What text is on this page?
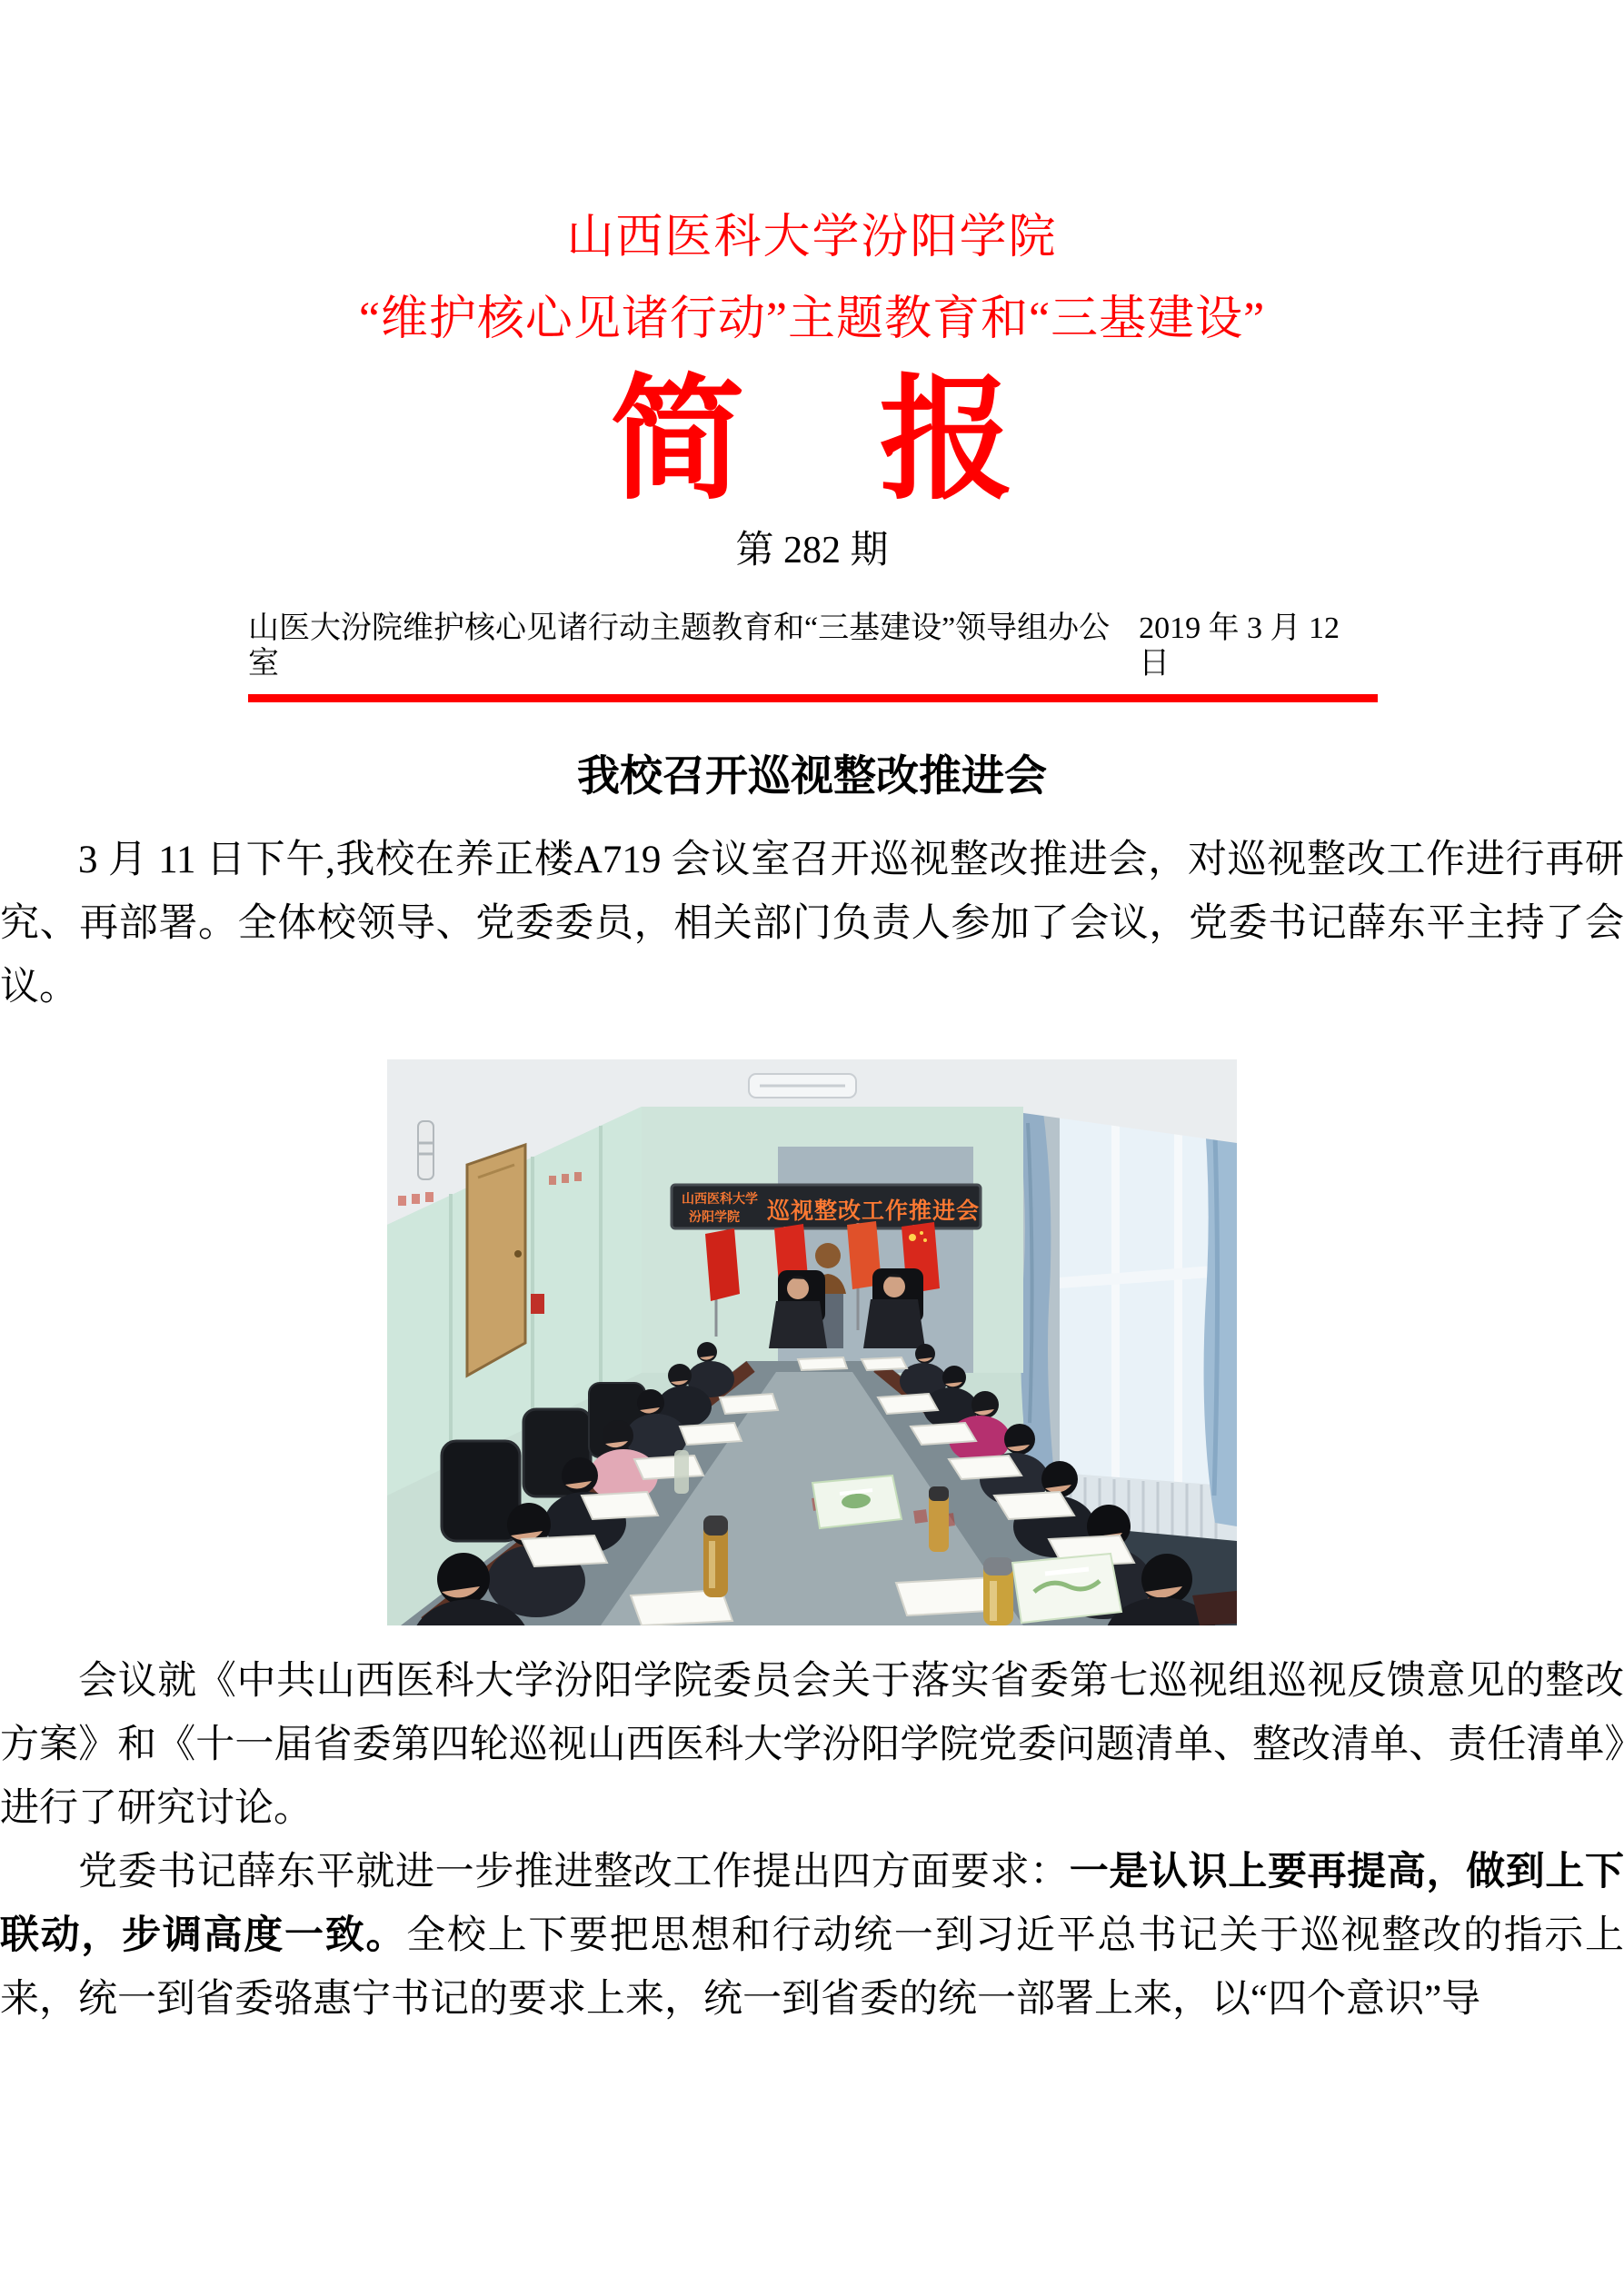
山西医科大学汾阳学院
“维护核心见诸行动”主题教育和“三基建设”
简　报
第 282 期
山医大汾院维护核心见诸行动主题教育和“三基建设”领导组办公室
2019 年 3 月 12 日
我校召开巡视整改推进会

3 月 11 日下午,我校在养正楼A719 会议室召开巡视整改推进会，对巡视整改工作进行再研究、再部署。全体校领导、党委委员，相关部门负责人参加了会议，党委书记薛东平主持了会议。

山西医科大学
汾阳学院 巡视整改工作推进会

会议就《中共山西医科大学汾阳学院委员会关于落实省委第七巡视组巡视反馈意见的整改方案》和《十一届省委第四轮巡视山西医科大学汾阳学院党委问题清单、整改清单、责任清单》进行了研究讨论。

党委书记薛东平就进一步推进整改工作提出四方面要求：一是认识上要再提高，做到上下联动，步调高度一致。全校上下要把思想和行动统一到习近平总书记关于巡视整改的指示上来，统一到省委骆惠宁书记的要求上来，统一到省委的统一部署上来，以“四个意识”导
